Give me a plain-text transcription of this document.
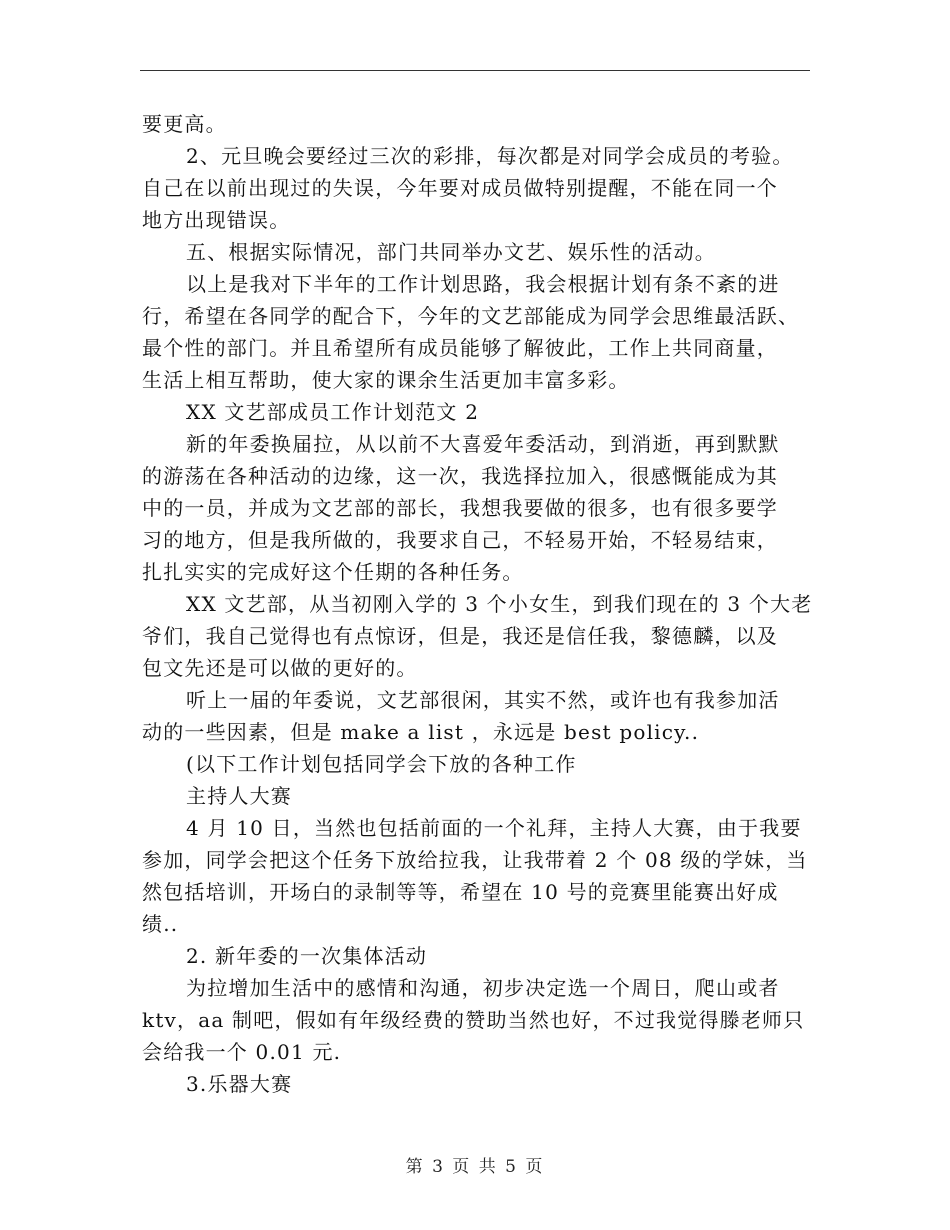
要更高。
2、元旦晚会要经过三次的彩排，每次都是对同学会成员的考验。
自己在以前出现过的失误，今年要对成员做特别提醒，不能在同一个
地方出现错误。
五、根据实际情况，部门共同举办文艺、娱乐性的活动。
以上是我对下半年的工作计划思路，我会根据计划有条不紊的进
行，希望在各同学的配合下，今年的文艺部能成为同学会思维最活跃、
最个性的部门。并且希望所有成员能够了解彼此，工作上共同商量，
生活上相互帮助，使大家的课余生活更加丰富多彩。
XX 文艺部成员工作计划范文 2
新的年委换届拉，从以前不大喜爱年委活动，到消逝，再到默默
的游荡在各种活动的边缘，这一次，我选择拉加入，很感慨能成为其
中的一员，并成为文艺部的部长，我想我要做的很多，也有很多要学
习的地方，但是我所做的，我要求自己，不轻易开始，不轻易结束，
扎扎实实的完成好这个任期的各种任务。
XX 文艺部，从当初刚入学的 3 个小女生，到我们现在的 3 个大老
爷们，我自己觉得也有点惊讶，但是，我还是信任我，黎德麟，以及
包文先还是可以做的更好的。
听上一届的年委说，文艺部很闲，其实不然，或许也有我参加活
动的一些因素，但是 make a list ，永远是 best policy..
(以下工作计划包括同学会下放的各种工作
主持人大赛
4 月 10 日，当然也包括前面的一个礼拜，主持人大赛，由于我要
参加，同学会把这个任务下放给拉我，让我带着 2 个 08 级的学妹，当
然包括培训，开场白的录制等等，希望在 10 号的竞赛里能赛出好成
绩..
2. 新年委的一次集体活动
为拉增加生活中的感情和沟通，初步决定选一个周日，爬山或者
ktv，aa 制吧，假如有年级经费的赞助当然也好，不过我觉得滕老师只
会给我一个 0.01 元.
3.乐器大赛
第 3 页 共 5 页
